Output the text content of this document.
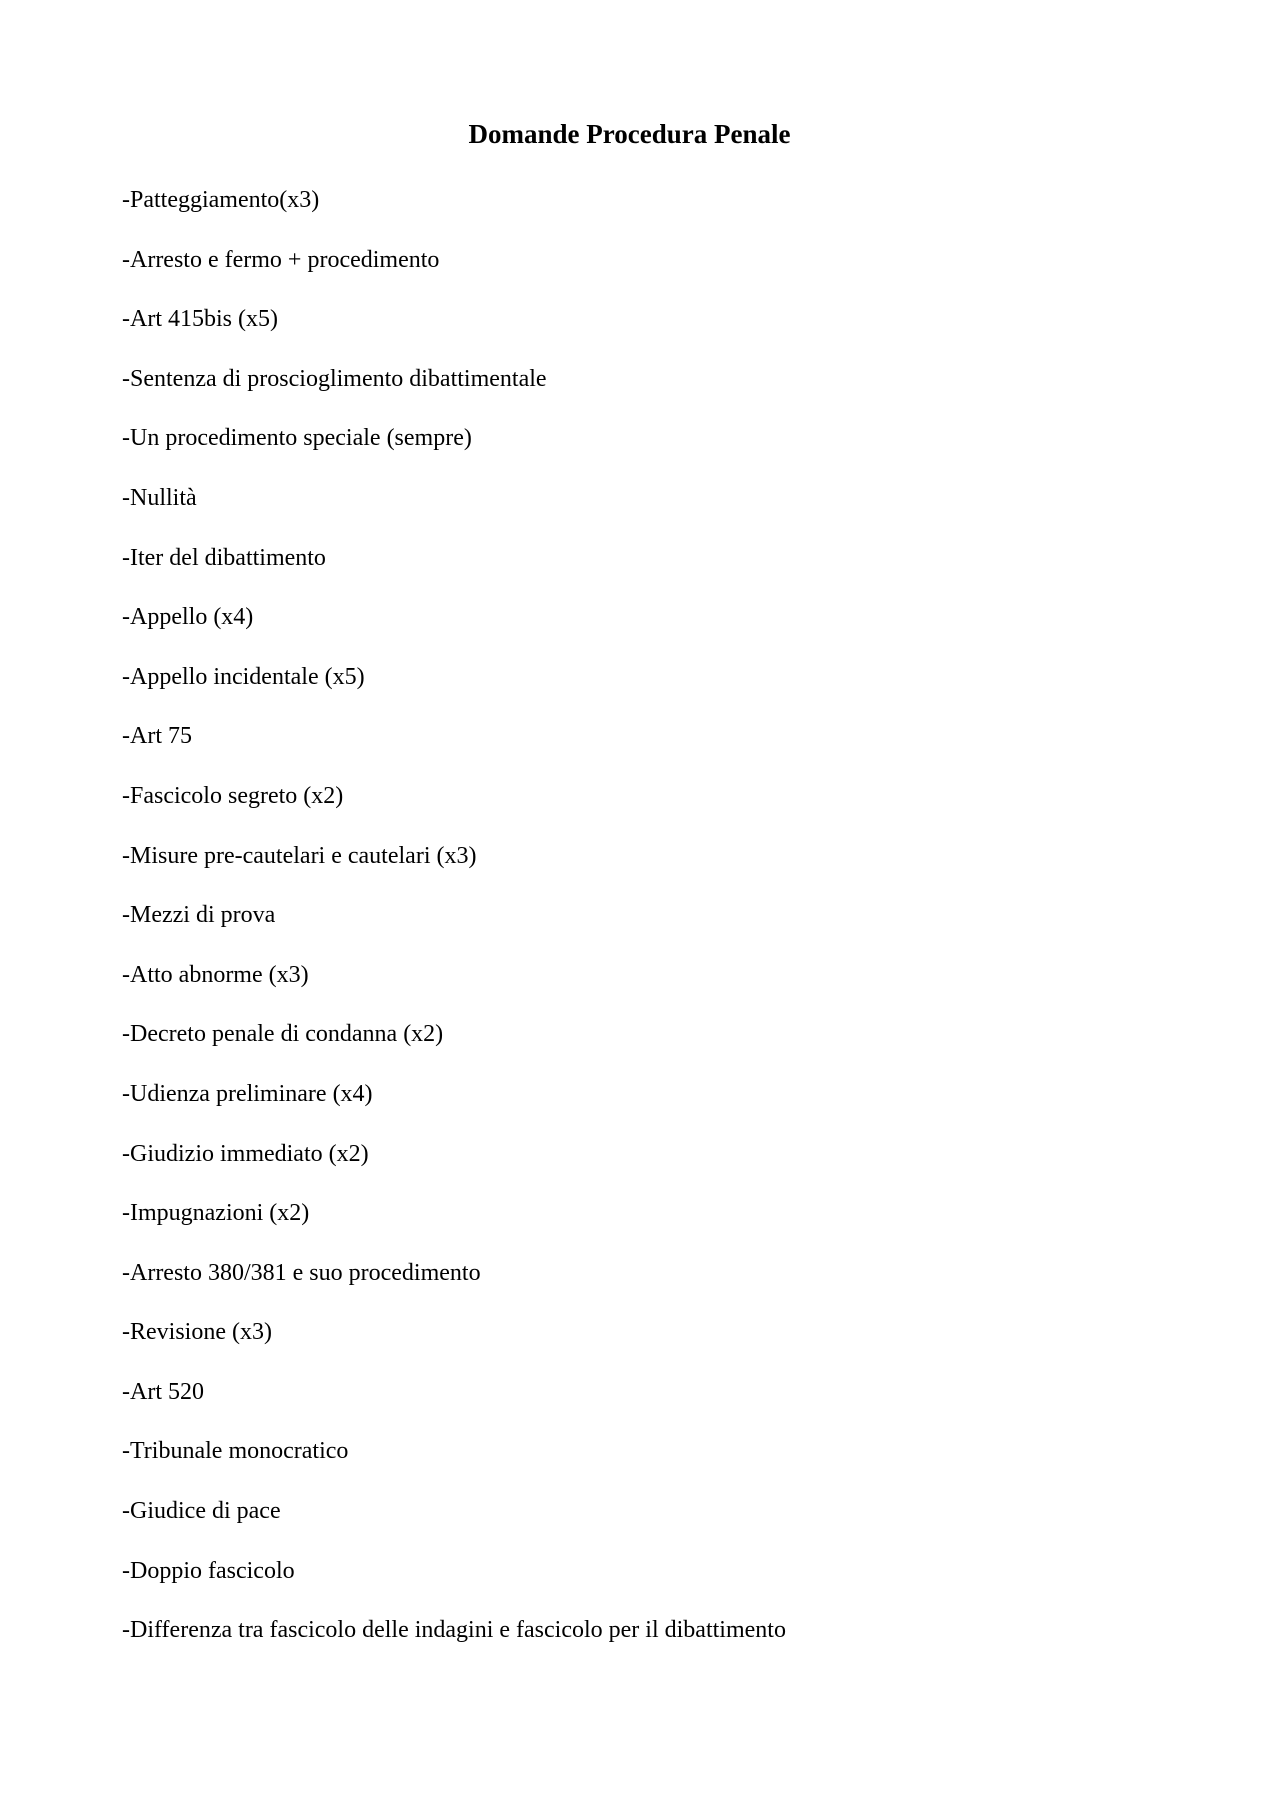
Domande Procedura Penale
-Patteggiamento(x3)
-Arresto e fermo + procedimento
-Art 415bis (x5)
-Sentenza di proscioglimento dibattimentale
-Un procedimento speciale (sempre)
-Nullità
-Iter del dibattimento
-Appello (x4)
-Appello incidentale (x5)
-Art 75
-Fascicolo segreto (x2)
-Misure pre-cautelari e cautelari (x3)
-Mezzi di prova
-Atto abnorme (x3)
-Decreto penale di condanna (x2)
-Udienza preliminare (x4)
-Giudizio immediato (x2)
-Impugnazioni (x2)
-Arresto 380/381 e suo procedimento
-Revisione (x3)
-Art 520
-Tribunale monocratico
-Giudice di pace
-Doppio fascicolo
-Differenza tra fascicolo delle indagini e fascicolo per il dibattimento
